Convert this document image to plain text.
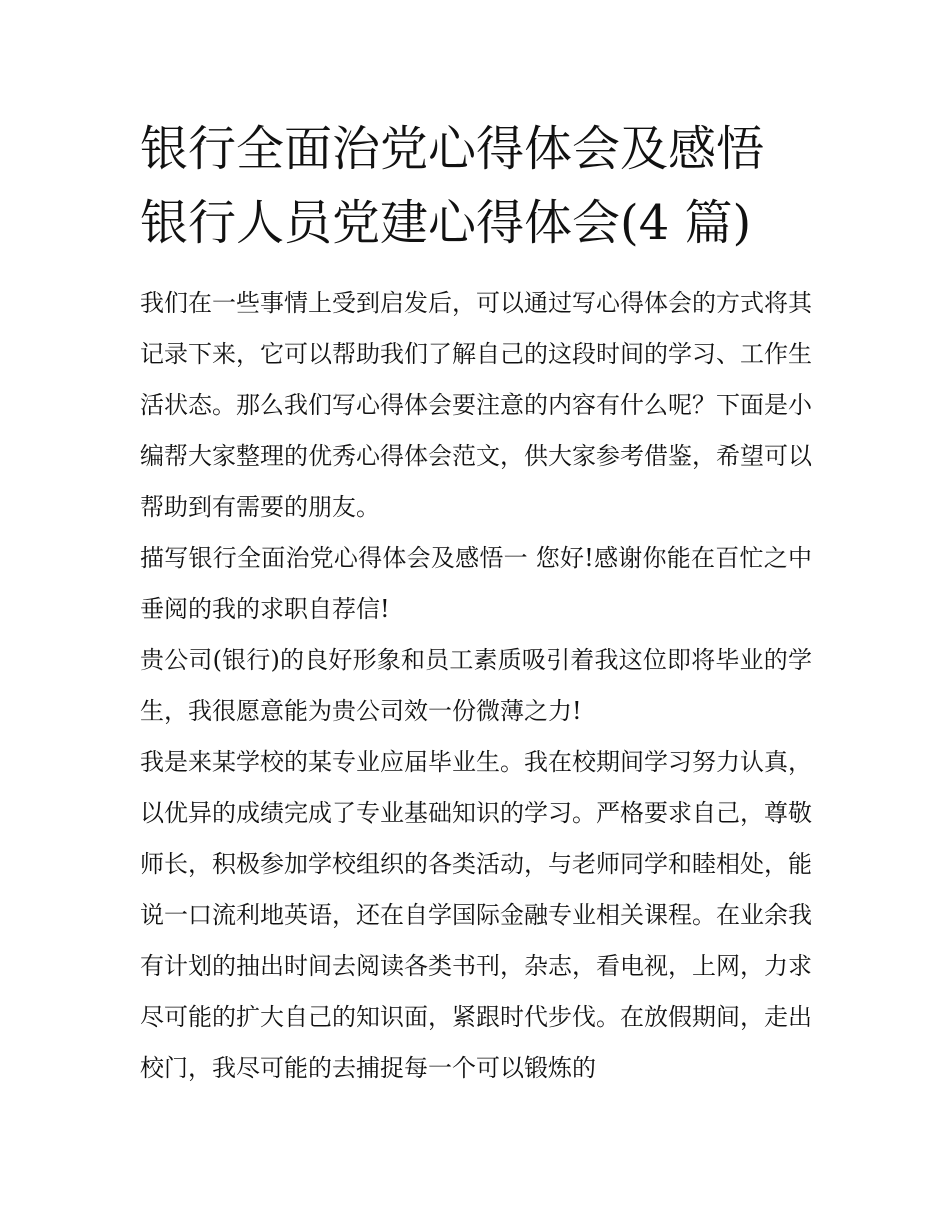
银行全面治党心得体会及感悟
银行人员党建心得体会(4 篇)

我们在一些事情上受到启发后，可以通过写心得体会的方式将其记录下来，它可以帮助我们了解自己的这段时间的学习、工作生活状态。那么我们写心得体会要注意的内容有什么呢？下面是小编帮大家整理的优秀心得体会范文，供大家参考借鉴，希望可以帮助到有需要的朋友。

描写银行全面治党心得体会及感悟一 您好!感谢你能在百忙之中垂阅的我的求职自荐信!

贵公司(银行)的良好形象和员工素质吸引着我这位即将毕业的学生，我很愿意能为贵公司效一份微薄之力!

我是来某学校的某专业应届毕业生。我在校期间学习努力认真，以优异的成绩完成了专业基础知识的学习。严格要求自己，尊敬师长，积极参加学校组织的各类活动，与老师同学和睦相处，能说一口流利地英语，还在自学国际金融专业相关课程。在业余我有计划的抽出时间去阅读各类书刊，杂志，看电视，上网，力求尽可能的扩大自己的知识面，紧跟时代步伐。在放假期间，走出校门，我尽可能的去捕捉每一个可以锻炼的
